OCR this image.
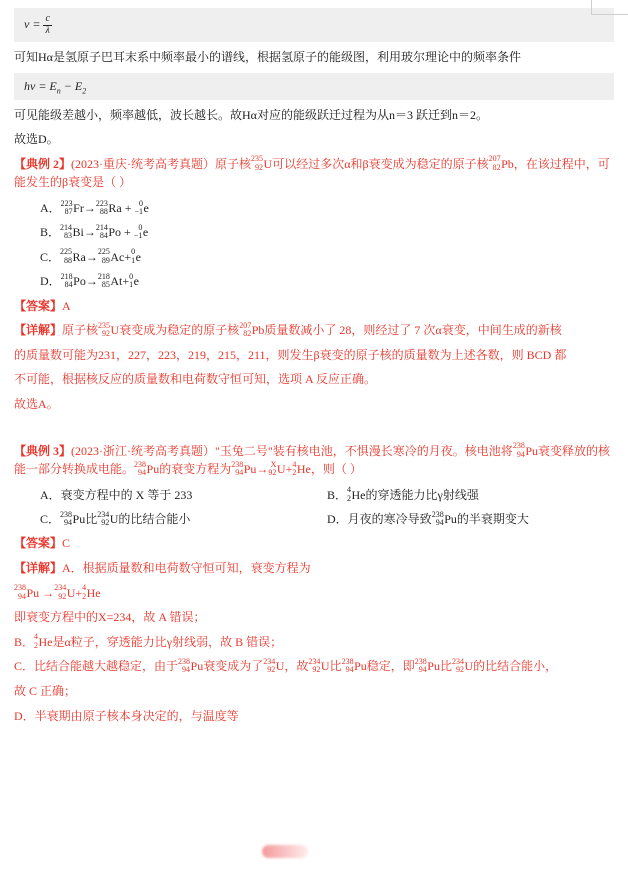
$v = \frac{c}{\lambda}$
可知Hα是氢原子巴耳末系中频率最小的谱线，根据氢原子的能级图，利用玻尔理论中的频率条件
$h\nu = E_n - E_2$
可见能级差越小，频率越低，波长越长。故Hα对应的能级跃迁过程为从n＝3 跃迁到n＝2。
故选D。
【典例 2】(2023·重庆·统考高考真题）原子核 235
92 U可以经过多次α和β衰变成为稳定的原子核 207
82 Pb，在该过程中，可能发生的β衰变是（ ）
A． 223
87 Fr→ 223
88 Ra + 0
−1 e
B． 214
83 Bi→ 214
84 Po + 0
−1 e
C． 225
88 Ra→ 225
89 Ac+ 0
1 e
D． 218
84 Po→ 218
85 At+ 0
1 e
【答案】A
【详解】原子核 235
92 U衰变成为稳定的原子核 207
82 Pb质量数减小了 28，则经过了 7 次α衰变，中间生成的新核
的质量数可能为231，227，223，219，215，211，则发生β衰变的原子核的质量数为上述各数，则 BCD 都
不可能，根据核反应的质量数和电荷数守恒可知，选项 A 反应正确。
故选A。
【典例 3】(2023·浙江·统考高考真题）"玉兔二号"装有核电池，不惧漫长寒冷的月夜。核电池将 238
94 Pu衰变释放的核能一部分转换成电能。 238
94 Pu的衰变方程为 238
94 Pu→ X
92 U+ 4
2 He，则（ ）
A．衰变方程中的 X 等于 233	B． 4
2 He的穿透能力比γ射线强
C． 238
94 Pu比 234
92 U的比结合能小	D．月夜的寒冷导致 238
94 Pu的半衰期变大
【答案】C
【详解】A．根据质量数和电荷数守恒可知，衰变方程为
238
94 Pu → 234
92 U+ 4
2 He
即衰变方程中的X=234，故 A 错误；
B． 4
2 He是α粒子，穿透能力比γ射线弱，故 B 错误；
C．比结合能越大越稳定，由于 238
94 Pu衰变成为了 234
92 U，故 234
92 U比 238
94 Pu稳定，即 238
94 Pu比 234
92 U的比结合能小，
故 C 正确；
D．半衰期由原子核本身决定的，与温度等
